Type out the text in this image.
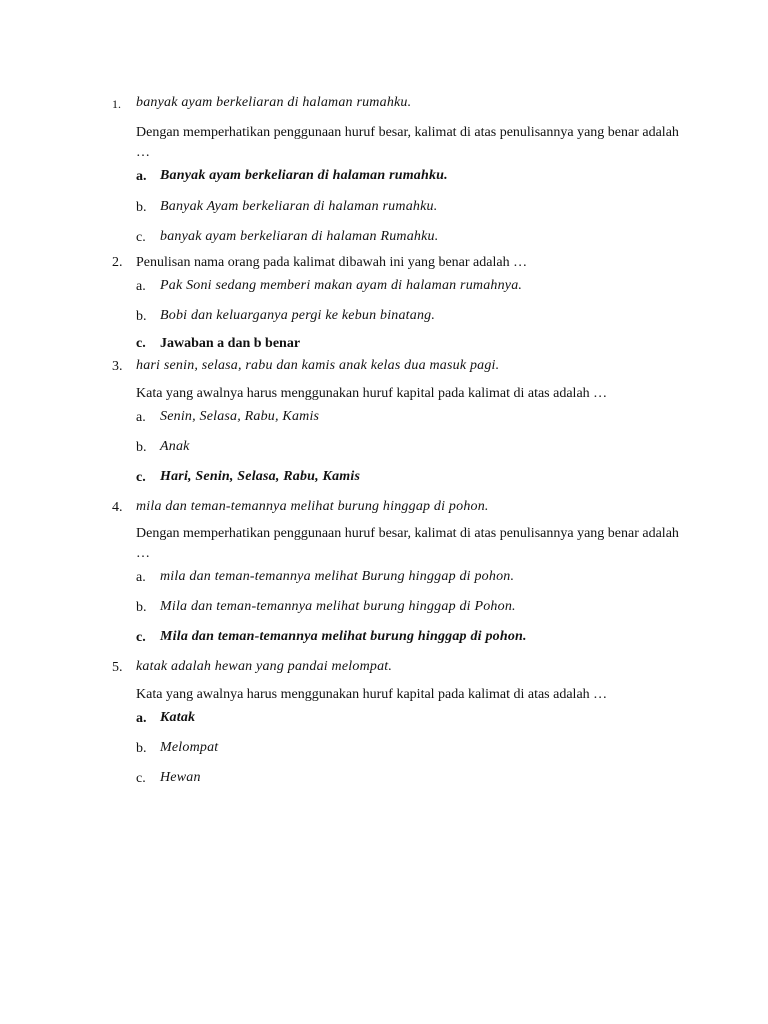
1. banyak ayam berkeliaran di halaman rumahku.
Dengan memperhatikan penggunaan huruf besar, kalimat di atas penulisannya yang benar adalah …
a. Banyak ayam berkeliaran di halaman rumahku.
b. Banyak Ayam berkeliaran di halaman rumahku.
c. banyak ayam berkeliaran di halaman Rumahku.
2. Penulisan nama orang pada kalimat dibawah ini yang benar adalah …
a. Pak Soni sedang memberi makan ayam di halaman rumahnya.
b. Bobi dan keluarganya pergi ke kebun binatang.
c. Jawaban a dan b benar
3. hari senin, selasa, rabu dan kamis anak kelas dua masuk pagi.
Kata yang awalnya harus menggunakan huruf kapital pada kalimat di atas adalah …
a. Senin, Selasa, Rabu, Kamis
b. Anak
c. Hari, Senin, Selasa, Rabu, Kamis
4. mila dan teman-temannya melihat burung hinggap di pohon.
Dengan memperhatikan penggunaan huruf besar, kalimat di atas penulisannya yang benar adalah …
a. mila dan teman-temannya melihat Burung hinggap di pohon.
b. Mila dan teman-temannya melihat burung hinggap di Pohon.
c. Mila dan teman-temannya melihat burung hinggap di pohon.
5. katak adalah hewan yang pandai melompat.
Kata yang awalnya harus menggunakan huruf kapital pada kalimat di atas adalah …
a. Katak
b. Melompat
c. Hewan
